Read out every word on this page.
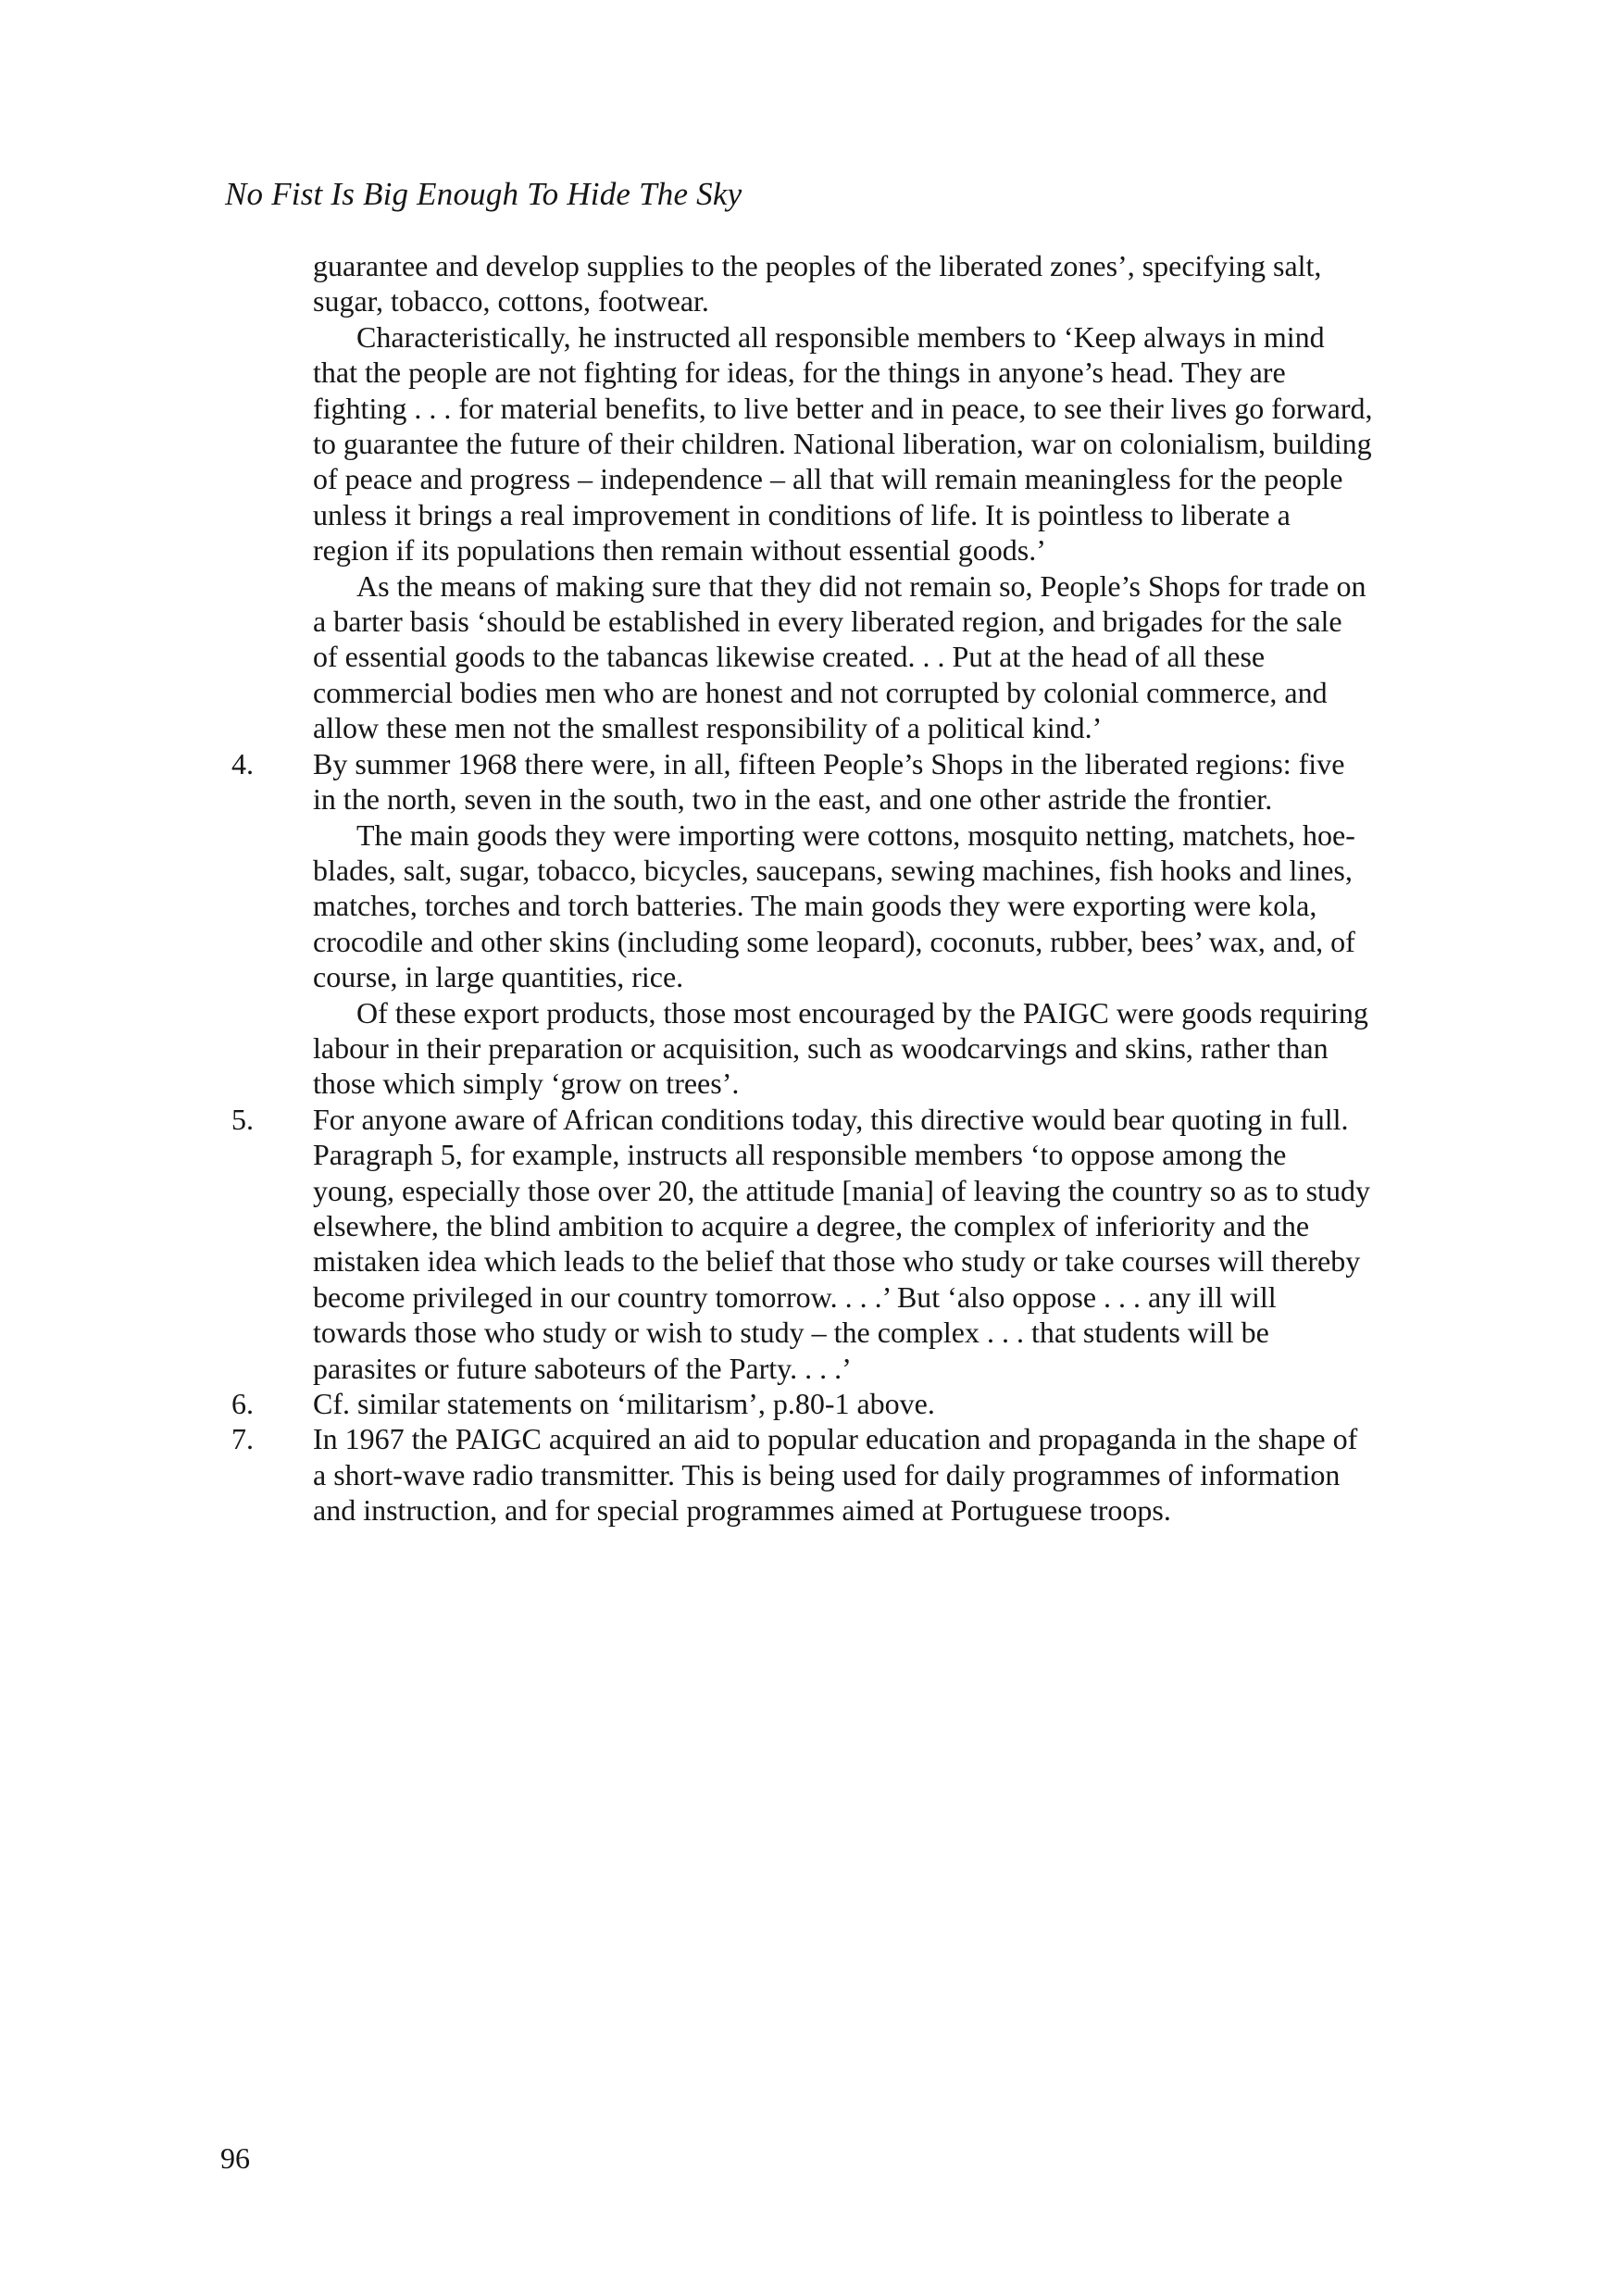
No Fist Is Big Enough To Hide The Sky

guarantee and develop supplies to the peoples of the liberated zones’, specifying salt, sugar, tobacco, cottons, footwear.

Characteristically, he instructed all responsible members to ‘Keep always in mind that the people are not fighting for ideas, for the things in anyone’s head. They are fighting . . . for material benefits, to live better and in peace, to see their lives go forward, to guarantee the future of their children. National liberation, war on colonialism, building of peace and progress – independence – all that will remain meaningless for the people unless it brings a real improvement in conditions of life. It is pointless to liberate a region if its populations then remain without essential goods.’

As the means of making sure that they did not remain so, People’s Shops for trade on a barter basis ‘should be established in every liberated region, and brigades for the sale of essential goods to the tabancas likewise created. . . Put at the head of all these commercial bodies men who are honest and not corrupted by colonial commerce, and allow these men not the smallest responsibility of a political kind.’

4.	By summer 1968 there were, in all, fifteen People’s Shops in the liberated regions: five in the north, seven in the south, two in the east, and one other astride the frontier.

The main goods they were importing were cottons, mosquito netting, matchets, hoe-blades, salt, sugar, tobacco, bicycles, saucepans, sewing machines, fish hooks and lines, matches, torches and torch batteries. The main goods they were exporting were kola, crocodile and other skins (including some leopard), coconuts, rubber, bees’ wax, and, of course, in large quantities, rice.

Of these export products, those most encouraged by the PAIGC were goods requiring labour in their preparation or acquisition, such as woodcarvings and skins, rather than those which simply ‘grow on trees’.

5.	For anyone aware of African conditions today, this directive would bear quoting in full. Paragraph 5, for example, instructs all responsible members ‘to oppose among the young, especially those over 20, the attitude [mania] of leaving the country so as to study elsewhere, the blind ambition to acquire a degree, the complex of inferiority and the mistaken idea which leads to the belief that those who study or take courses will thereby become privileged in our country tomorrow. . . .’ But ‘also oppose . . . any ill will towards those who study or wish to study – the complex . . . that students will be parasites or future saboteurs of the Party. . . .’

6.	Cf. similar statements on ‘militarism’, p.80-1 above.

7.	In 1967 the PAIGC acquired an aid to popular education and propaganda in the shape of a short-wave radio transmitter. This is being used for daily programmes of information and instruction, and for special programmes aimed at Portuguese troops.

96
